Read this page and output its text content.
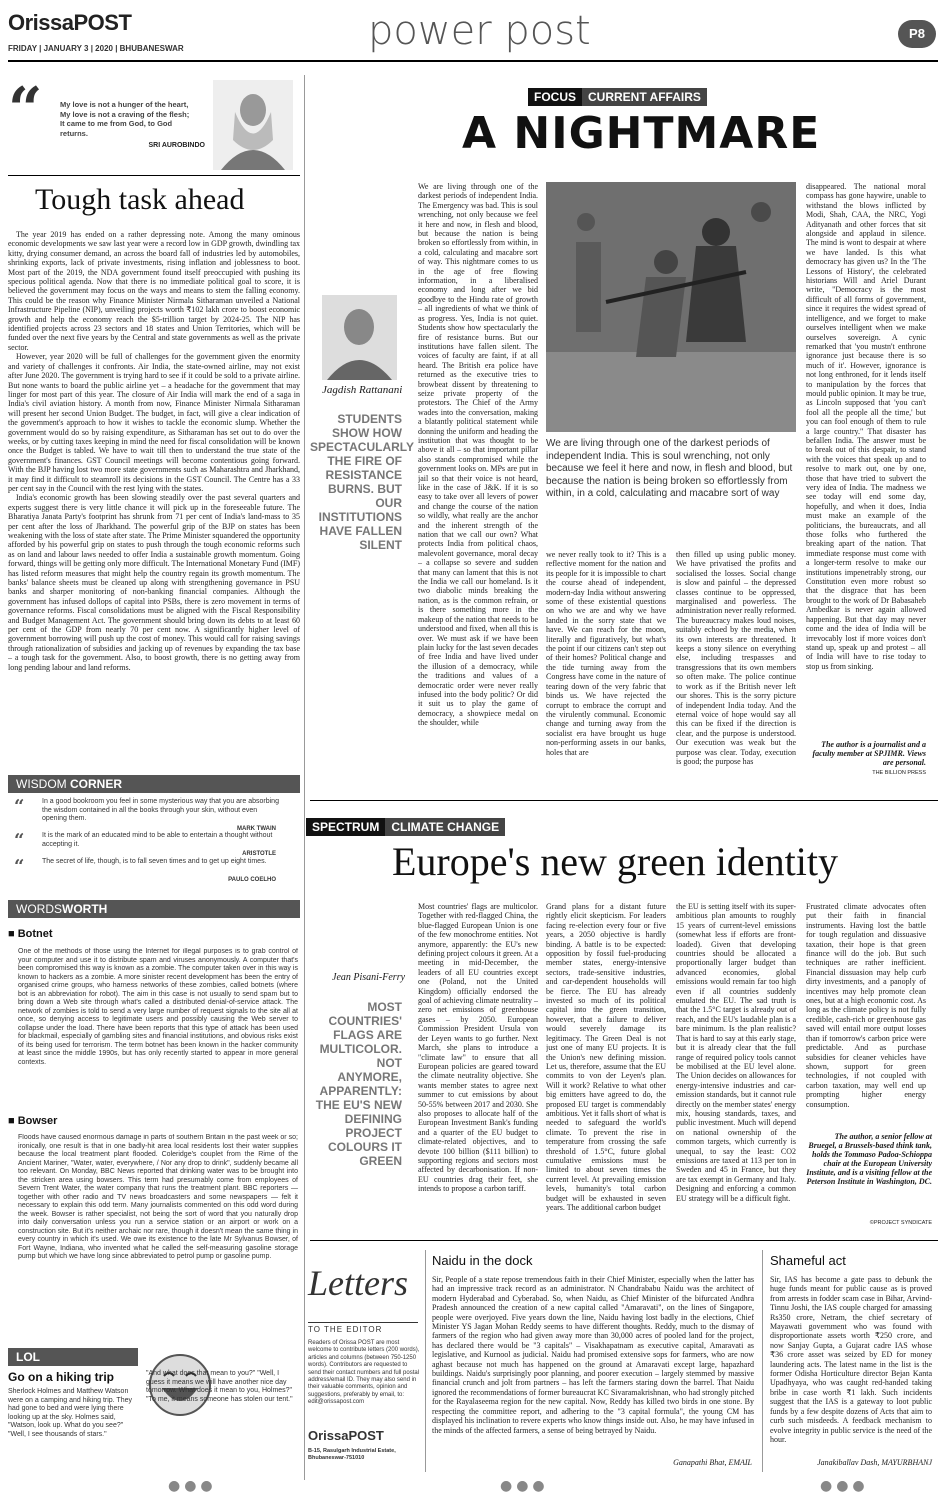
OrissaPOST
FRIDAY | JANUARY 3 | 2020 | BHUBANESWAR	power post	P8
“ My love is not a hunger of the heart, My love is not a craving of the flesh; It came to me from God, to God returns.
SRI AUROBINDO
Tough task ahead

The year 2019 has ended on a rather depressing note. Among the many ominous economic developments we saw last year were a record low in GDP growth, dwindling tax kitty, drying consumer demand, an across the board fall of industries led by automobiles, shrinking exports, lack of private investments, rising inflation and joblessness to boot. Most part of the 2019, the NDA government found itself preoccupied with pushing its specious political agenda. Now that there is no immediate political goal to score, it is believed the government may focus on the ways and means to stem the falling economy. This could be the reason why Finance Minister Nirmala Sitharaman unveiled a National Infrastructure Pipeline (NIP), unveiling projects worth ₹102 lakh crore to boost economic growth and help the economy reach the $5-trillion target by 2024-25. The NIP has identified projects across 23 sectors and 18 states and Union Territories, which will be funded over the next five years by the Central and state governments as well as the private sector.

However, year 2020 will be full of challenges for the government given the enormity and variety of challenges it confronts. Air India, the state-owned airline, may not exist after June 2020. The government is trying hard to see if it could be sold to a private airline. But none wants to board the public airline yet – a headache for the government that may linger for most part of this year. The closure of Air India will mark the end of a saga in India's civil aviation history. A month from now, Finance Minister Nirmala Sitharaman will present her second Union Budget. The budget, in fact, will give a clear indication of the government's approach to how it wishes to tackle the economic slump. Whether the government would do so by raising expenditure, as Sitharaman has set out to do over the weeks, or by cutting taxes keeping in mind the need for fiscal consolidation will be known once the Budget is tabled. We have to wait till then to understand the true state of the government's finances. GST Council meetings will become contentious going forward. With the BJP having lost two more state governments such as Maharashtra and Jharkhand, it may find it difficult to steamroll its decisions in the GST Council. The Centre has a 33 per cent say in the Council with the rest lying with the states.

India's economic growth has been slowing steadily over the past several quarters and experts suggest there is very little chance it will pick up in the foreseeable future. The Bharatiya Janata Party's footprint has shrunk from 71 per cent of India's land-mass to 35 per cent after the loss of Jharkhand. The powerful grip of the BJP on states has been weakening with the loss of state after state. The Prime Minister squandered the opportunity afforded by his powerful grip on states to push through the tough economic reforms such as on land and labour laws needed to offer India a sustainable growth momentum. Going forward, things will be getting only more difficult. The International Monetary Fund (IMF) has listed reform measures that might help the country regain its growth momentum. The banks' balance sheets must be cleaned up along with strengthening governance in PSU banks and sharper monitoring of non-banking financial companies. Although the government has infused dollops of capital into PSBs, there is zero movement in terms of governance reforms. Fiscal consolidations must be aligned with the Fiscal Responsibility and Budget Management Act. The government should bring down its debts to at least 60 per cent of the GDP from nearly 70 per cent now. A significantly higher level of government borrowing will push up the cost of money. This would call for raising savings through rationalization of subsidies and jacking up of revenues by expanding the tax base – a tough task for the government. Also, to boost growth, there is no getting away from long pending labour and land reforms.

WISDOM CORNER
“	In a good bookroom you feel in some mysterious way that you are absorbing the wisdom contained in all the books through your skin, without even opening them.
MARK TWAIN
“	It is the mark of an educated mind to be able to entertain a thought without accepting it.
ARISTOTLE
“	The secret of life, though, is to fall seven times and to get up eight times.
PAULO COELHO
WORDSWORTH
■ Botnet
One of the methods of those using the Internet for illegal purposes is to grab control of your computer and use it to distribute spam and viruses anonymously. A computer that's been compromised this way is known as a zombie. The computer taken over in this way is known to hackers as a zombie. A more sinister recent development has been the entry of organised crime groups, who harness networks of these zombies, called botnets (where bot is an abbreviation for robot). The aim in this case is not usually to send spam but to bring down a Web site through what's called a distributed denial-of-service attack. The network of zombies is told to send a very large number of request signals to the site all at once, so denying access to legitimate users and possibly causing the Web server to collapse under the load. There have been reports that this type of attack has been used for blackmail, especially of gambling sites and financial institutions, and obvious risks exist of its being used for terrorism. The term botnet has been known in the hacker community at least since the middle 1990s, but has only recently started to appear in more general contexts.
■ Bowser
Floods have caused enormous damage in parts of southern Britain in the past week or so; ironically, one result is that in one badly-hit area local residents lost their water supplies because the local treatment plant flooded. Coleridge's couplet from the Rime of the Ancient Mariner, "Water, water, everywhere, / Nor any drop to drink", suddenly became all too relevant. On Monday, BBC News reported that drinking water was to be brought into the stricken area using bowsers. This term had presumably come from employees of Severn Trent Water, the water company that runs the treatment plant. BBC reporters — together with other radio and TV news broadcasters and some newspapers — felt it necessary to explain this odd term. Many journalists commented on this odd word during the week. Bowser is rather specialist, not being the sort of word that you naturally drop into daily conversation unless you run a service station or an airport or work on a construction site. But it's neither archaic nor rare, though it doesn't mean the same thing in every country in which it's used. We owe its existence to the late Mr Sylvanus Bowser, of Fort Wayne, Indiana, who invented what he called the self-measuring gasoline storage pump but which we have long since abbreviated to petrol pump or gasoline pump.
LOL
Go on a hiking trip
Sherlock Holmes and Matthew Watson were on a camping and hiking trip. They had gone to bed and were lying there looking up at the sky. Holmes said, "Watson, look up. What do you see?" "Well, I see thousands of stars."
"And what does that mean to you?" "Well, I guess it means we will have another nice day tomorrow. What does it mean to you, Holmes?" "To me, it means someone has stolen our tent."
FOCUS CURRENT AFFAIRS
A NIGHTMARE
Jagdish Rattanani
STUDENTS SHOW HOW SPECTACULARLY THE FIRE OF RESISTANCE BURNS. BUT OUR INSTITUTIONS HAVE FALLEN SILENT
We are living through one of the darkest periods of independent India. The Emergency was bad. This is soul wrenching, not only because we feel it here and now, in flesh and blood, but because the nation is being broken so effortlessly from within, in a cold, calculating and macabre sort of way. This nightmare comes to us in the age of free flowing information, in a liberalised economy and long after we bid goodbye to the Hindu rate of growth – all ingredients of what we think of as progress. Yes, India is not quiet. Students show how spectacularly the fire of resistance burns. But our institutions have fallen silent. The voices of faculty are faint, if at all heard. The British era police have returned as the executive tries to browbeat dissent by threatening to seize private property of the protestors. The Chief of the Army wades into the conversation, making a blatantly political statement while donning the uniform and heading the institution that was thought to be above it all – so that important pillar also stands compromised while the government looks on. MPs are put in jail so that their voice is not heard, like in the case of J&K. If it is so easy to take over all levers of power and change the course of the nation so wildly, what really are the anchor and the inherent strength of the nation that we call our own? What protects India from political chaos, malevolent governance, moral decay – a collapse so severe and sudden that many can lament that this is not the India we call our homeland. Is it two diabolic minds breaking the nation, as is the common refrain, or is there something more in the makeup of the nation that needs to be understood and fixed, when all this is over. We must ask if we have been plain lucky for the last seven decades of free India and have lived under the illusion of a democracy, while the traditions and values of a democratic order were never really infused into the body politic? Or did it suit us to play the game of democracy, a showpiece medal on the shoulder, while
We are living through one of the darkest periods of independent India. This is soul wrenching, not only because we feel it here and now, in flesh and blood, but because the nation is being broken so effortlessly from within, in a cold, calculating and macabre sort of way
we never really took to it? This is a reflective moment for the nation and its people for it is impossible to chart the course ahead of independent, modern-day India without answering some of these existential questions on who we are and why we have landed in the sorry state that we have. We can reach for the moon, literally and figuratively, but what's the point if our citizens can't step out of their homes? Political change and the tide turning away from the Congress have come in the nature of tearing down of the very fabric that binds us. We have rejected the corrupt to embrace the corrupt and the virulently communal. Economic change and turning away from the socialist era have brought us huge non-performing assets in our banks, holes that are
then filled up using public money. We have privatised the profits and socialised the losses. Social change is slow and painful – the depressed classes continue to be oppressed, marginalised and powerless. The administration never really reformed. The bureaucracy makes loud noises, suitably echoed by the media, when its own interests are threatened. It keeps a stony silence on everything else, including trespasses and transgressions that its own members so often make. The police continue to work as if the British never left our shores. This is the sorry picture of independent India today. And the eternal voice of hope would say all this can be fixed if the direction is clear, and the purpose is understood. Our execution was weak but the purpose was clear. Today, execution is good; the purpose has
disappeared. The national moral compass has gone haywire, unable to withstand the blows inflicted by Modi, Shah, CAA, the NRC, Yogi Adityanath and other forces that sit alongside and applaud in silence. The mind is wont to despair at where we have landed. Is this what democracy has given us? In the 'The Lessons of History', the celebrated historians Will and Ariel Durant write, "Democracy is the most difficult of all forms of government, since it requires the widest spread of intelligence, and we forget to make ourselves intelligent when we make ourselves sovereign. A cynic remarked that 'you mustn't enthrone ignorance just because there is so much of it'. However, ignorance is not long enthroned, for it lends itself to manipulation by the forces that mould public opinion. It may be true, as Lincoln supposed that 'you can't fool all the people all the time,' but you can fool enough of them to rule a large country." That disaster has befallen India. The answer must be to break out of this despair, to stand with the voices that speak up and to resolve to mark out, one by one, those that have tried to subvert the very idea of India. The madness we see today will end some day, hopefully, and when it does, India must make an example of the politicians, the bureaucrats, and all those folks who furthered the breaking apart of the nation. That immediate response must come with a longer-term resolve to make our institutions impenetrably strong, our Constitution even more robust so that the disgrace that has been brought to the work of Dr Babasaheb Ambedkar is never again allowed happening. But that day may never come and the idea of India will be irrevocably lost if more voices don't stand up, speak up and protest – all of India will have to rise today to stop us from sinking.
The author is a journalist and a faculty member at SPJIMR. Views are personal.
THE BILLION PRESS
SPECTRUM CLIMATE CHANGE
Europe's new green identity
Jean Pisani-Ferry
MOST COUNTRIES' FLAGS ARE MULTICOLOR. NOT ANYMORE, APPARENTLY: THE EU'S NEW DEFINING PROJECT COLOURS IT GREEN
Most countries' flags are multicolor. Together with red-flagged China, the blue-flagged European Union is one of the few monochrome entities. Not anymore, apparently: the EU's new defining project colours it green. At a meeting in mid-December, the leaders of all EU countries except one (Poland, not the United Kingdom) officially endorsed the goal of achieving climate neutrality – zero net emissions of greenhouse gases – by 2050. European Commission President Ursula von der Leyen wants to go further. Next March, she plans to introduce a "climate law" to ensure that all European policies are geared toward the climate neutrality objective. She wants member states to agree next summer to cut emissions by about 50-55% between 2017 and 2030. She also proposes to allocate half of the European Investment Bank's funding and a quarter of the EU budget to climate-related objectives, and to devote 100 billion ($111 billion) to supporting regions and sectors most affected by decarbonisation. If non-EU countries drag their feet, she intends to propose a carbon tariff.
Grand plans for a distant future rightly elicit skepticism. For leaders facing re-election every four or five years, a 2050 objective is hardly binding. A battle is to be expected: opposition by fossil fuel-producing member states, energy-intensive sectors, trade-sensitive industries, and car-dependent households will be fierce. The EU has already invested so much of its political capital into the green transition, however, that a failure to deliver would severely damage its legitimacy. The Green Deal is not just one of many EU projects. It is the Union's new defining mission. Let us, therefore, assume that the EU commits to von der Leyen's plan. Will it work? Relative to what other big emitters have agreed to do, the proposed EU target is commendably ambitious. Yet it falls short of what is needed to safeguard the world's climate. To prevent the rise in temperature from crossing the safe threshold of 1.5°C, future global cumulative emissions must be limited to about seven times the current level. At prevailing emission levels, humanity's total carbon budget will be exhausted in seven years. The additional carbon budget
the EU is setting itself with its super-ambitious plan amounts to roughly 15 years of current-level emissions (somewhat less if efforts are front-loaded). Given that developing countries should be allocated a proportionally larger budget than advanced economies, global emissions would remain far too high even if all countries suddenly emulated the EU. The sad truth is that the 1.5°C target is already out of reach, and the EU's laudable plan is a bare minimum. Is the plan realistic? That is hard to say at this early stage, but it is already clear that the full range of required policy tools cannot be mobilised at the EU level alone. The Union decides on allowances for energy-intensive industries and car-emission standards, but it cannot rule directly on the member states' energy mix, housing standards, taxes, and public investment. Much will depend on national ownership of the common targets, which currently is unequal, to say the least: CO2 emissions are taxed at 113 per ton in Sweden and 45 in France, but they are tax exempt in Germany and Italy. Designing and enforcing a common EU strategy will be a difficult fight.
Frustrated climate advocates often put their faith in financial instruments. Having lost the battle for tough regulation and dissuasive taxation, their hope is that green finance will do the job. But such techniques are rather inefficient. Financial dissuasion may help curb dirty investments, and a panoply of incentives may help promote clean ones, but at a high economic cost. As long as the climate policy is not fully credible, cash-rich or greenhouse gas saved will entail more output losses than if tomorrow's carbon price were predictable. And as purchase subsidies for cleaner vehicles have shown, support for green technologies, if not coupled with carbon taxation, may well end up prompting higher energy consumption.
The author, a senior fellow at Bruegel, a Brussels-based think tank, holds the Tommaso Padoa-Schioppa chair at the European University Institute, and is a visiting fellow at the Peterson Institute in Washington, DC.
©PROJECT SYNDICATE
Letters
TO THE EDITOR
Readers of Orissa POST are most welcome to contribute letters (200 words), articles and columns (between 750-1250 words). Contributors are requested to send their contact numbers and full postal address/email ID. They may also send in their valuable comments, opinion and suggestions, preferably by email, to: edit@orissapost.com
OrissaPOST
B-15, Rasulgarh Industrial Estate, Bhubaneswar-751010
Naidu in the dock
Sir, People of a state repose tremendous faith in their Chief Minister, especially when the latter has had an impressive track record as an administrator. N Chandrababu Naidu was the architect of modern Hyderabad and Cyberabad. So, when Naidu, as Chief Minister of the bifurcated Andhra Pradesh announced the creation of a new capital called "Amaravati", on the lines of Singapore, people were overjoyed. Five years down the line, Naidu having lost badly in the elections, Chief Minister YS Jagan Mohan Reddy seems to have different thoughts. Reddy, much to the dismay of farmers of the region who had given away more than 30,000 acres of pooled land for the project, has declared there would be "3 capitals" – Visakhapatnam as executive capital, Amaravati as legislative, and Kurnool as judicial. Naidu had promised extensive sops for farmers, who are now aghast because not much has happened on the ground at Amaravati except large, hapazhard buildings. Naidu's surprisingly poor planning, and poorer execution – largely stemmed by massive financial crunch and jolt from partners – has left the farmers staring down the barrel. That Naidu ignored the recommendations of former bureaucrat KC Sivaramakrishnan, who had strongly pitched for the Rayalaseema region for the new capital. Now, Reddy has killed two birds in one stone. By respecting the committee report, and adhering to the "3 capital formula", the young CM has displayed his inclination to revere experts who know things inside out. Also, he may have infused in the minds of the affected farmers, a sense of being betrayed by Naidu.
Ganapathi Bhat, EMAIL
Shameful act
Sir, IAS has become a gate pass to debunk the huge funds meant for public cause as is proved from arrests in fodder scam case in Bihar, Arvind-Tinnu Joshi, the IAS couple charged for amassing Rs350 crore, Netram, the chief secretary of Mayawati government who was found with disproportionate assets worth ₹250 crore, and now Sanjay Gupta, a Gujarat cadre IAS whose ₹36 crore asset was seized by ED for money laundering acts. The latest name in the list is the former Odisha Horticulture director Bejan Kanta Upadhyaya, who was caught red-handed taking bribe in case worth ₹1 lakh. Such incidents suggest that the IAS is a gateway to loot public funds by a few despite dozens of Acts that aim to curb such misdeeds. A feedback mechanism to evolve integrity in public service is the need of the hour.
Janakiballav Dash, MAYURBHANJ
●●●	●●●	●●●
